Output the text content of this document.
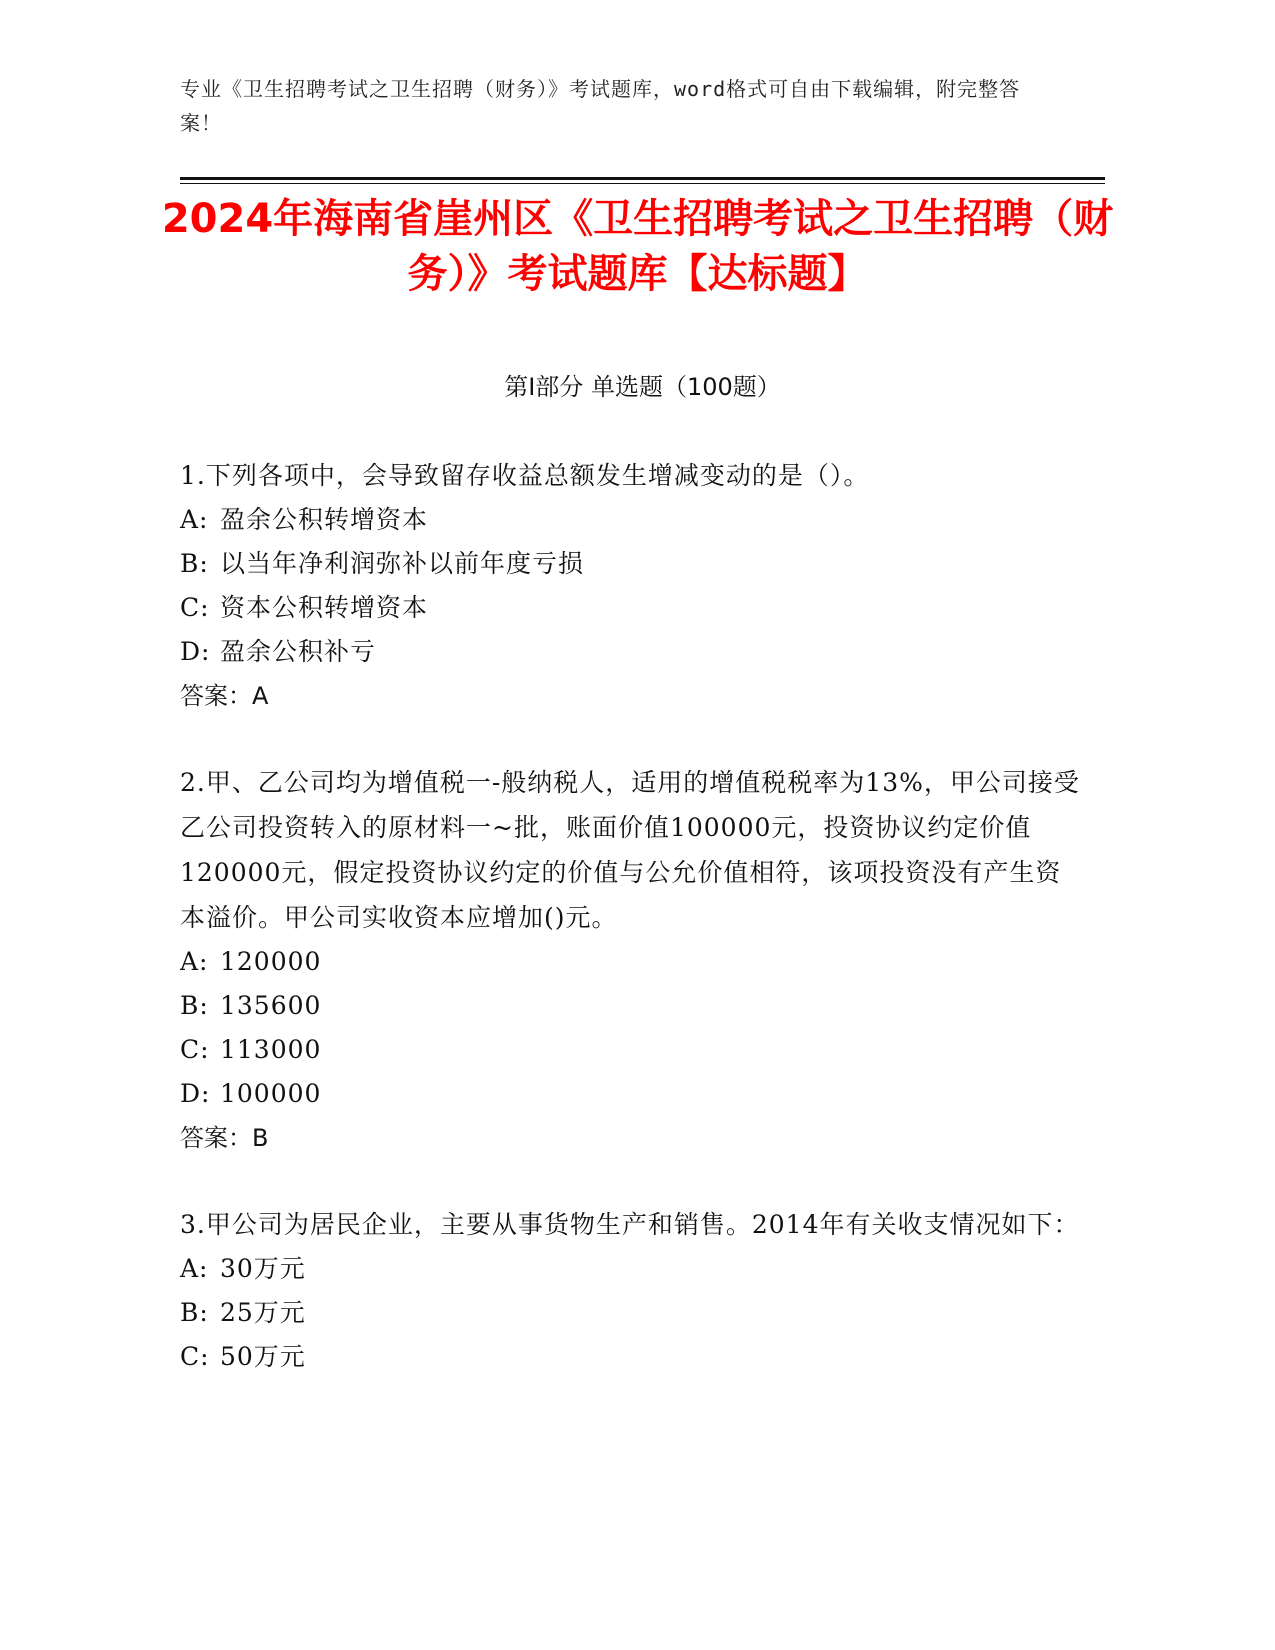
专业《卫生招聘考试之卫生招聘（财务）》考试题库，word格式可自由下载编辑，附完整答案！
2024年海南省崖州区《卫生招聘考试之卫生招聘（财务）》考试题库【达标题】
第Ⅰ部分 单选题（100题）

1.下列各项中，会导致留存收益总额发生增减变动的是（）。

A: 盈余公积转增资本

B: 以当年净利润弥补以前年度亏损

C: 资本公积转增资本

D: 盈余公积补亏

答案：A

2.甲、乙公司均为增值税一-般纳税人，适用的增值税税率为13%，甲公司接受乙公司投资转入的原材料一~批，账面价值100000元，投资协议约定价值120000元，假定投资协议约定的价值与公允价值相符，该项投资没有产生资本溢价。甲公司实收资本应增加()元。

A: 120000

B: 135600

C: 113000

D: 100000

答案：B

3.甲公司为居民企业，主要从事货物生产和销售。2014年有关收支情况如下：

A: 30万元

B: 25万元

C: 50万元
